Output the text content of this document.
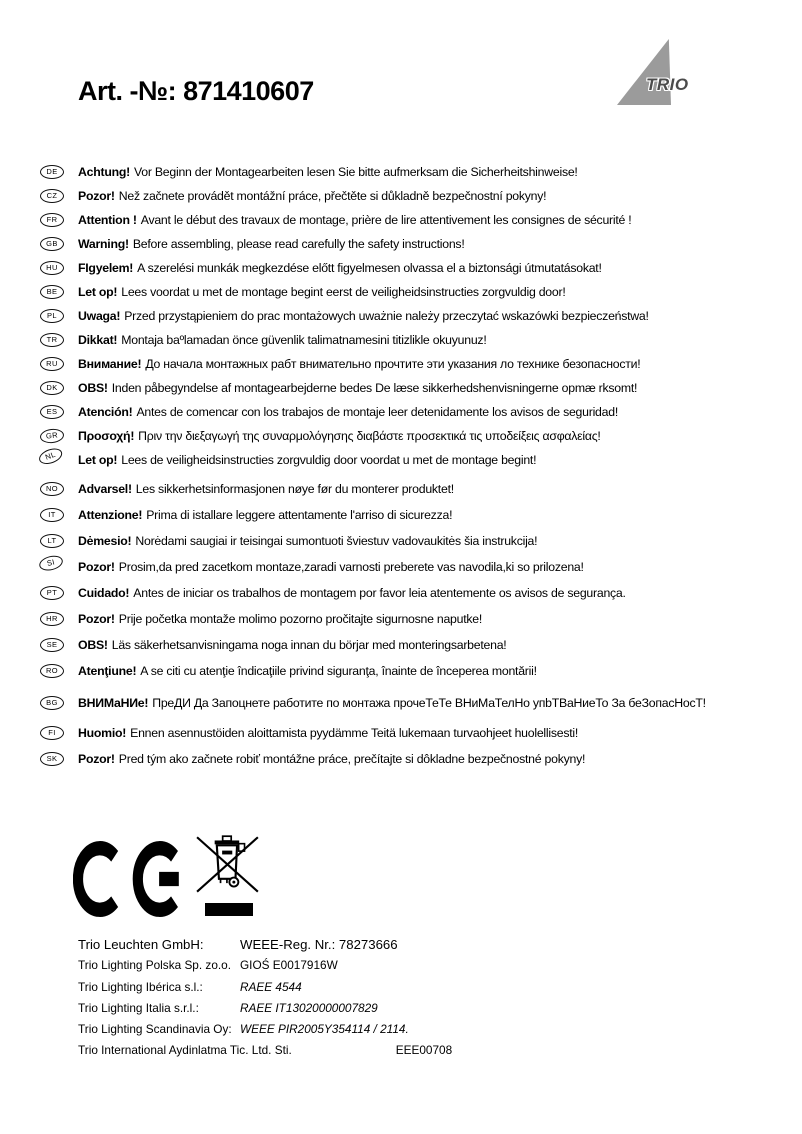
Art. -№: 871410607	TRIO
DE Achtung! Vor Beginn der Montagearbeiten lesen Sie bitte aufmerksam die Sicherheitshinweise!

CZ Pozor! Než začnete provádět montážní práce, přečtěte si důkladně bezpečnostní pokyny!

FR Attention ! Avant le début des travaux de montage, prière de lire attentivement les consignes de sécurité !

GB Warning! Before assembling, please read carefully the safety instructions!

HU FIgyelem! A szerelési munkák megkezdése előtt figyelmesen olvassa el a biztonsági útmutatásokat!

BE Let op! Lees voordat u met de montage begint eerst de veiligheidsinstructies zorgvuldig door!

PL Uwaga! Przed przystąpieniem do prac montażowych uważnie należy przeczytać wskazówki bezpieczeństwa!

TR Dikkat! Montaja baºlamadan önce güvenlik talimatnamesini titizlikle okuyunuz!

RU Внимание! До начала монтажных рабт внимательно прочтите эти указания ло технике безопасности!

DK OBS! Inden påbegyndelse af montagearbejderne bedes De læse sikkerhedshenvisningerne opmæ rksomt!

ES Atención! Antes de comencar con los trabajos de montaje leer detenidamente los avisos de seguridad!

GR Προσοχή! Πριν την διεξαγωγή της συναρμολόγησης διαβάστε προσεκτικά τις υποδείξεις ασφαλείας!

NL Let op! Lees de veiligheidsinstructies zorgvuldig door voordat u met de montage begint!

NO Advarsel! Les sikkerhetsinformasjonen nøye før du monterer produktet!

IT Attenzione! Prima di istallare leggere attentamente l'arriso di sicurezza!

LT Dėmesio! Norėdami saugiai ir teisingai sumontuoti šviestuv vadovaukitės šia instrukcija!

SI Pozor! Prosim,da pred zacetkom montaze,zaradi varnosti preberete vas navodila,ki so prilozena!

PT Cuidado! Antes de iniciar os trabalhos de montagem por favor leia atentemente os avisos de segurança.

HR Pozor! Prije početka montaže molimo pozorno pročitajte sigurnosne naputke!

SE OBS! Läs säkerhetsanvisningama noga innan du börjar med monteringsarbetena!

RO Atenţiune! A se citi cu atenţie îndicaţiile privind siguranţa, înainte de începerea montării!

BG ВНИМаНИе! ПреДИ Да Запоцнете работите по монтажа прочеТеТе ВНиМаТелНо упbТВаНиеТо За беЗопасНосТ!

FI Huomio! Ennen asennustöiden aloittamista pyydämme Teitä lukemaan turvaohjeet huolellisesti!

SK Pozor! Pred tým ako začnete robiť montážne práce, prečítajte si dôkladne bezpečnostné pokyny!

Trio Leuchten GmbH:	WEEE-Reg. Nr.: 78273666
Trio Lighting Polska Sp. zo.o. GIOŚ E0017916W
Trio Lighting Ibérica s.l.:	RAEE 4544
Trio Lighting Italia s.r.l.:	RAEE IT13020000007829
Trio Lighting Scandinavia Oy: WEEE PIR2005Y354114 / 2114.
Trio International Aydinlatma Tic. Ltd. Sti.	EEE00708
